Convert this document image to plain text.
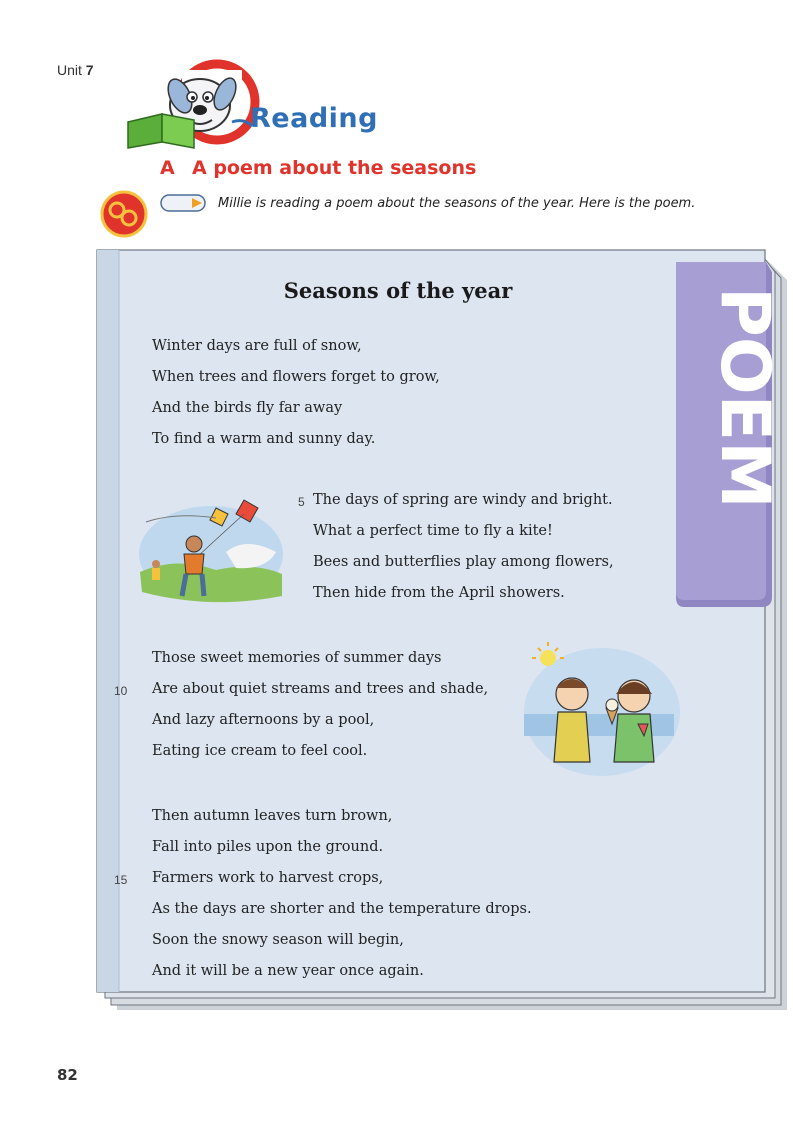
Unit 7
Reading
A A poem about the seasons
Millie is reading a poem about the seasons of the year. Here is the poem.
POEM
Seasons of the year
Winter days are full of snow,
When trees and flowers forget to grow,
And the birds fly far away
To find a warm and sunny day.
5 The days of spring are windy and bright.
What a perfect time to fly a kite!
Bees and butterflies play among flowers,
Then hide from the April showers.
Those sweet memories of summer days
10 Are about quiet streams and trees and shade,
And lazy afternoons by a pool,
Eating ice cream to feel cool.
Then autumn leaves turn brown,
Fall into piles upon the ground.
15 Farmers work to harvest crops,
As the days are shorter and the temperature drops.
Soon the snowy season will begin,
And it will be a new year once again.
82
